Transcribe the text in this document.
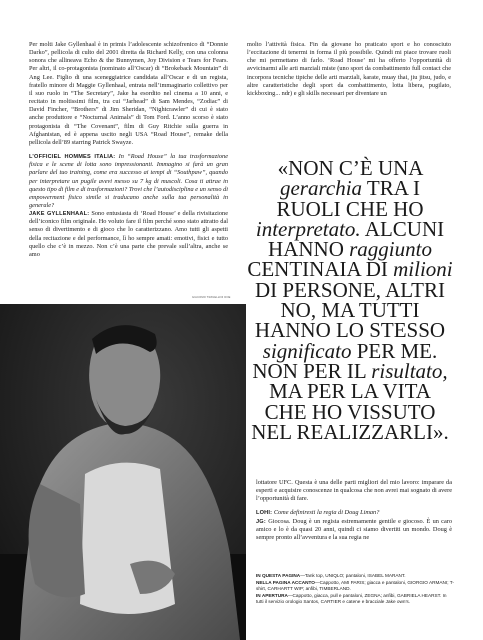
Per molti Jake Gyllenhaal è in primis l’adolescente schizofrenico di “Donnie Darko”, pellicola di culto del 2001 diretta da Richard Kelly, con una colonna sonora che allineava Echo & the Bunnymen, Joy Division e Tears for Fears. Per altri, il co-protagonista (nominato all’Oscar) di “Brokeback Mountain” di Ang Lee. Figlio di una sceneggiatrice candidata all’Oscar e di un regista, fratello minore di Maggie Gyllenhaal, entrata nell’immaginario collettivo per il suo ruolo in “The Secretary”, Jake ha esordito nel cinema a 10 anni, e recitato in moltissimi film, tra cui “Jarhead” di Sam Mendes, “Zodiac” di David Fincher, “Brothers” di Jim Sheridan, “Nightcrawler” di cui è stato anche produttore e “Nocturnal Animals” di Tom Ford. L’anno scorso è stato protagonista di “The Covenant”, film di Guy Ritchie sulla guerra in Afghanistan, ed è appena uscito negli USA “Road House”, remake della pellicola dell’89 starring Patrick Swayze.

L’OFFICIEL HOMMES ITALIA: In “Road House” la tua trasformazione fisica e le scene di lotta sono impressionanti. Immagino si farà un gran parlare del tuo training, come era successo ai tempi di “Southpaw”, quando per interpretare un pugile avevi messo su 7 kg di muscoli. Cosa ti attrae in questo tipo di film e di trasformazioni? Trovi che l’autodisciplina e un senso di empowerment fisico simile si traducano anche sulla tua personalità in generale?

JAKE GYLLENHAAL: Sono entusiasta di ‘Road House’ e della rivisitazione dell’iconico film originale. Ho voluto fare il film perché sono stato attratto dal senso di divertimento e di gioco che lo caratterizzano. Amo tutti gli aspetti della recitazione e del performance, lì ho sempre amati: emotivi, fisici e tutto quello che c’è in mezzo. Non c’è una parte che prevale sull’altra, anche se amo

molto l’attività fisica. Fin da giovane ho praticato sport e ho conosciuto l’eccitazione di tenermi in forma il più possibile. Quindi mi piace trovare ruoli che mi permettano di farlo. ‘Road House’ mi ha offerto l’opportunità di avvicinarmi alle arti marziali miste (uno sport da combattimento full contact che incorpora tecniche tipiche delle arti marziali, karate, muay thai, jiu jitsu, judo, e altre caratteristiche degli sport da combattimento, lotta libera, pugilato, kickboxing... ndr) e gli skills necessari per diventare un

«NON C’È UNA gerarchia TRA I RUOLI CHE HO interpretato. ALCUNI HANNO raggiunto CENTINAIA DI milioni DI PERSONE, ALTRI NO, MA TUTTI HANNO LO STESSO significato PER ME. NON PER IL risultato, MA PER LA VITA CHE HO VISSUTO NEL REALIZZARLI».
GIACOMO TRAVELLINI DOE

lottatore UFC. Questa è una delle parti migliori del mio lavoro: imparare da esperti e acquisire conoscenze in qualcosa che non avrei mai sognato di avere l’opportunità di fare.

LOHI: Come definiresti la regia di Doug Liman?

JG: Giocosa. Doug è un regista estremamente gentile e giocoso. È un caro amico e lo è da quasi 20 anni, quindi ci siamo divertiti un mondo. Doug è sempre pronto all’avventura e la sua regia ne

IN QUESTA PAGINA—Tank top, UNIQLO; pantaloni, ISABEL MARANT.

NELLA PAGINA ACCANTO—Cappotto, AMI PARIS; giacca e pantaloni, GIORGIO ARMANI; T-shirt, CARHARTT WIP; anfibi, TIMBERLAND.

IN APERTURA—Cappotto, giacca, pull e pantaloni, ZEGNA; anfibi, GABRIELA HEARST. In tutti il servizio orologio Santos, CARTIER e catene e bracciale Jake own’s.
